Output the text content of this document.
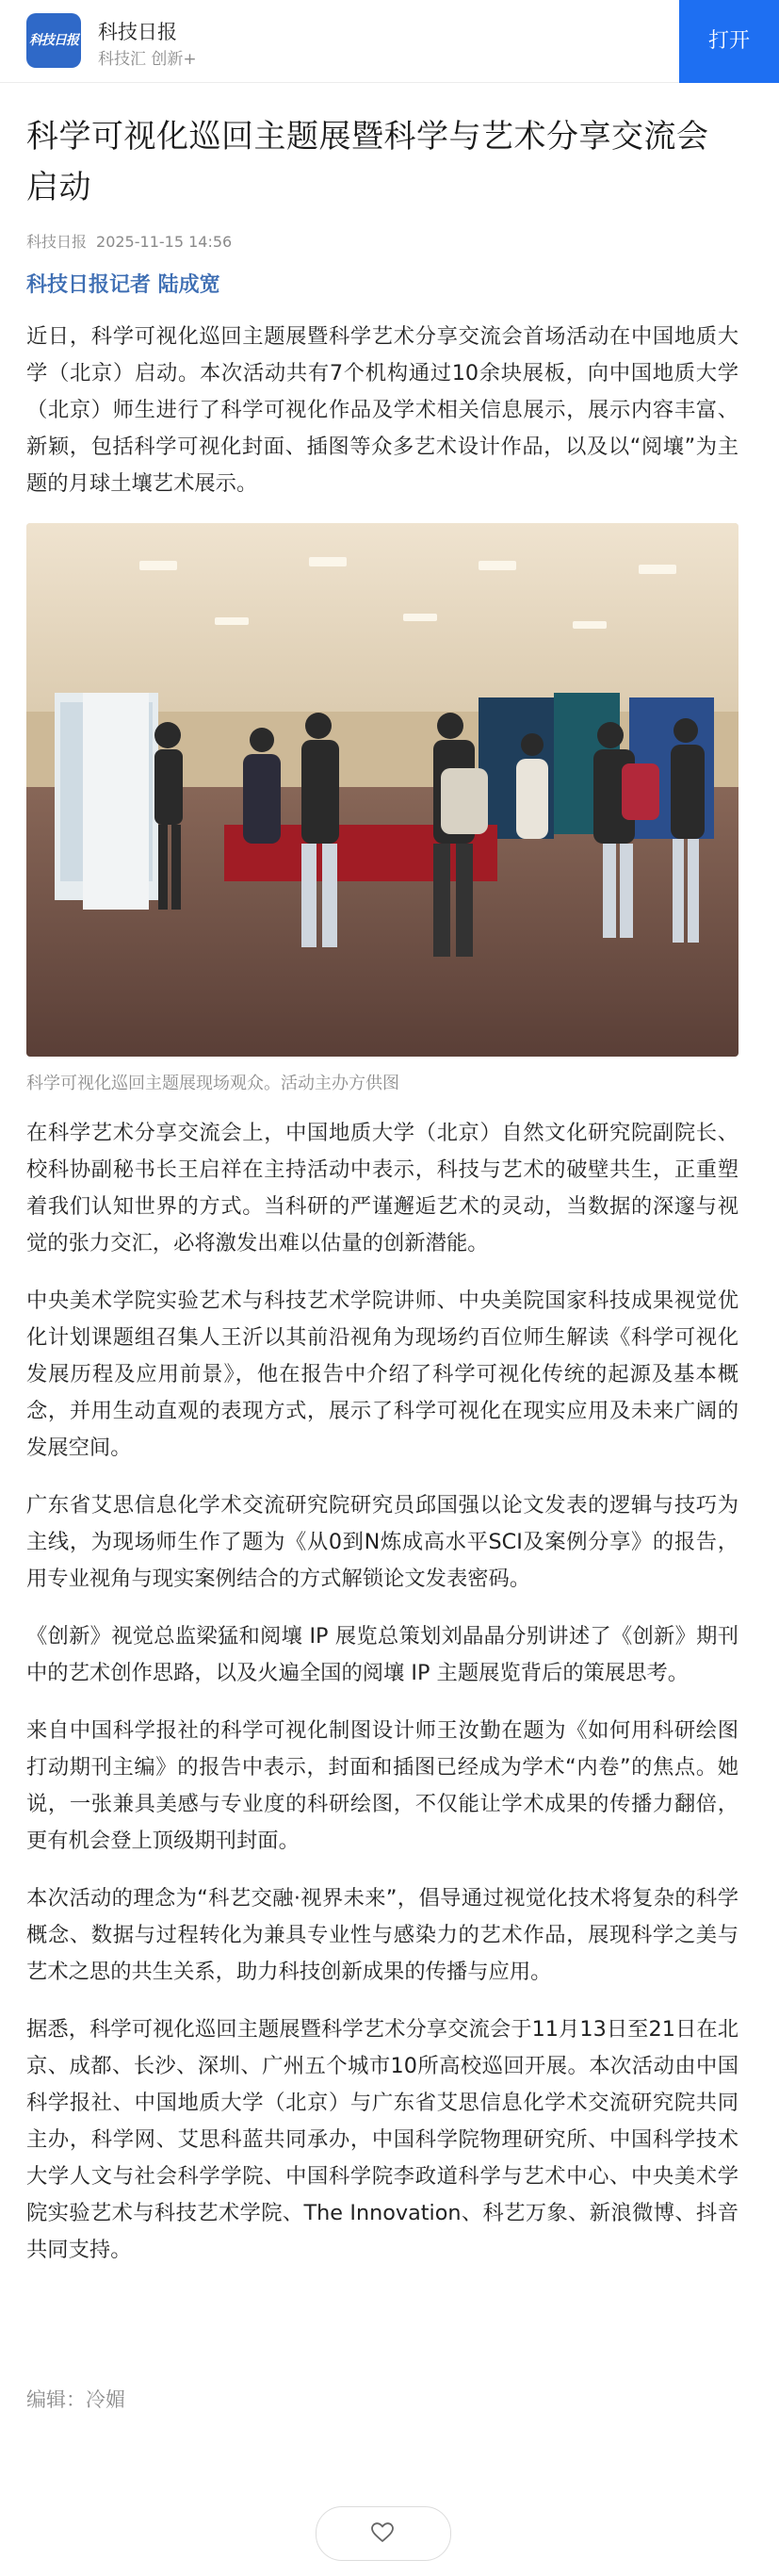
科技日报 科技日报
科技汇 创新+
打开
科学可视化巡回主题展暨科学与艺术分享交流会启动
科技日报 2025-11-15 14:56
科技日报记者 陆成宽

近日，科学可视化巡回主题展暨科学艺术分享交流会首场活动在中国地质大学（北京）启动。本次活动共有7个机构通过10余块展板，向中国地质大学（北京）师生进行了科学可视化作品及学术相关信息展示，展示内容丰富、新颖，包括科学可视化封面、插图等众多艺术设计作品，以及以“阅壤”为主题的月球土壤艺术展示。

科学可视化巡回主题展现场观众。活动主办方供图

在科学艺术分享交流会上，中国地质大学（北京）自然文化研究院副院长、校科协副秘书长王启祥在主持活动中表示，科技与艺术的破壁共生，正重塑着我们认知世界的方式。当科研的严谨邂逅艺术的灵动，当数据的深邃与视觉的张力交汇，必将激发出难以估量的创新潜能。

中央美术学院实验艺术与科技艺术学院讲师、中央美院国家科技成果视觉优化计划课题组召集人王沂以其前沿视角为现场约百位师生解读《科学可视化发展历程及应用前景》，他在报告中介绍了科学可视化传统的起源及基本概念，并用生动直观的表现方式，展示了科学可视化在现实应用及未来广阔的发展空间。

广东省艾思信息化学术交流研究院研究员邱国强以论文发表的逻辑与技巧为主线，为现场师生作了题为《从0到N炼成高水平SCI及案例分享》的报告，用专业视角与现实案例结合的方式解锁论文发表密码。

《创新》视觉总监梁猛和阅壤 IP 展览总策划刘晶晶分别讲述了《创新》期刊中的艺术创作思路，以及火遍全国的阅壤 IP 主题展览背后的策展思考。

来自中国科学报社的科学可视化制图设计师王汝勤在题为《如何用科研绘图打动期刊主编》的报告中表示，封面和插图已经成为学术“内卷”的焦点。她说，一张兼具美感与专业度的科研绘图，不仅能让学术成果的传播力翻倍，更有机会登上顶级期刊封面。

本次活动的理念为“科艺交融·视界未来”，倡导通过视觉化技术将复杂的科学概念、数据与过程转化为兼具专业性与感染力的艺术作品，展现科学之美与艺术之思的共生关系，助力科技创新成果的传播与应用。

据悉，科学可视化巡回主题展暨科学艺术分享交流会于11月13日至21日在北京、成都、长沙、深圳、广州五个城市10所高校巡回开展。本次活动由中国科学报社、中国地质大学（北京）与广东省艾思信息化学术交流研究院共同主办，科学网、艾思科蓝共同承办，中国科学院物理研究所、中国科学技术大学人文与社会科学学院、中国科学院李政道科学与艺术中心、中央美术学院实验艺术与科技艺术学院、The Innovation、科艺万象、新浪微博、抖音共同支持。

编辑：冷媚
